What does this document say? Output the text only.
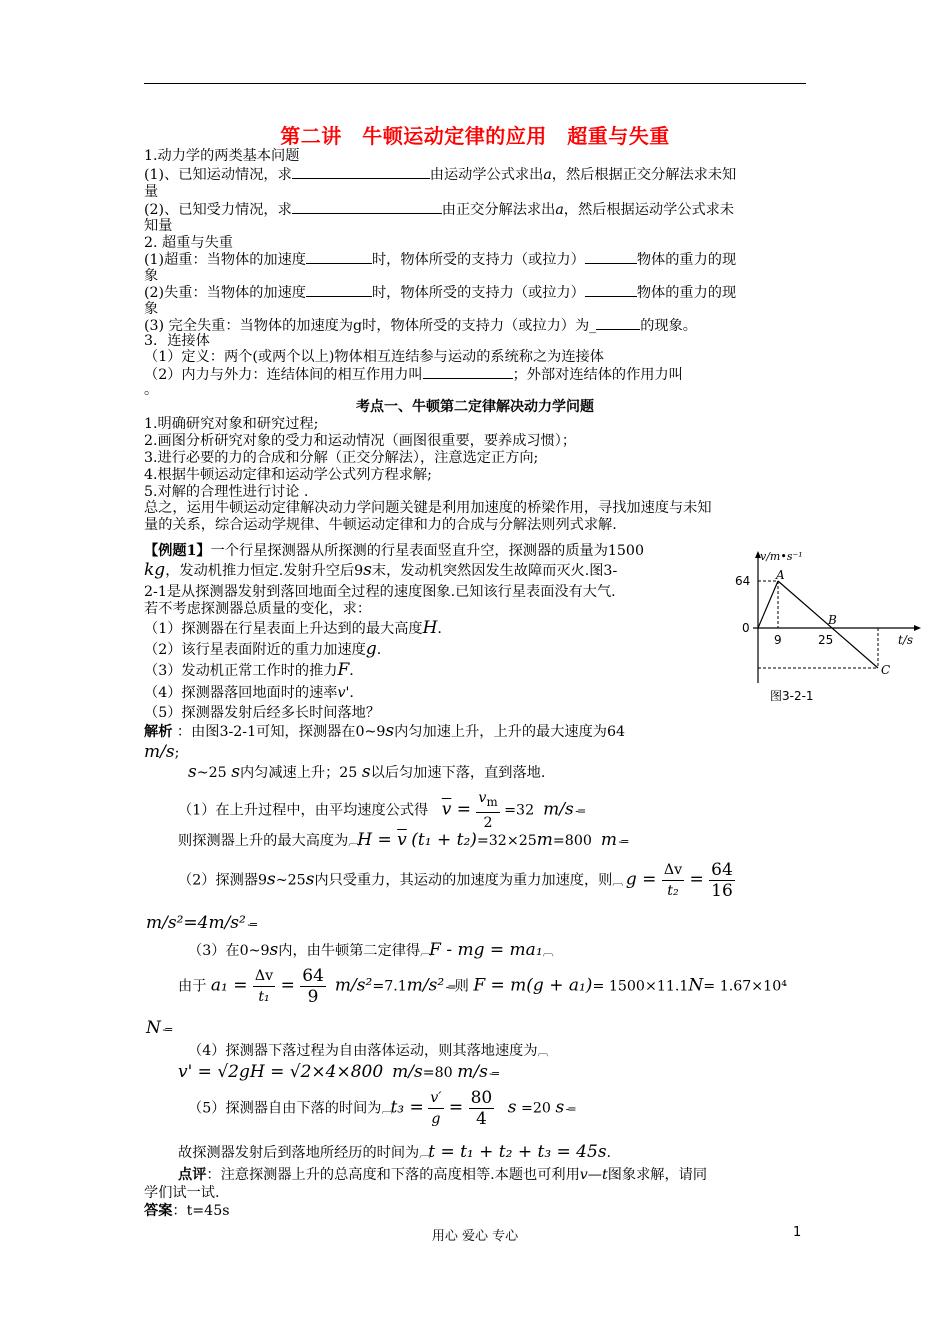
第二讲　牛顿运动定律的应用　超重与失重
1.动力学的两类基本问题
(1)、已知运动情况，求	由运动学公式求出a，然后根据正交分解法求未知
量
(2)、已知受力情况，求	由正交分解法求出a，然后根据运动学公式求未
知量
2. 超重与失重
(1)超重：当物体的加速度	时，物体所受的支持力（或拉力）	物体的重力的现
象
(2)失重：当物体的加速度	时，物体所受的支持力（或拉力）	物体的重力的现
象
(3) 完全失重：当物体的加速度为g时，物体所受的支持力（或拉力）为_	的现象。
3．连接体
（1）定义：两个(或两个以上)物体相互连结参与运动的系统称之为连接体
（2）内力与外力：连结体间的相互作用力叫	；外部对连结体的作用力叫
。
考点一、牛顿第二定律解决动力学问题
1.明确研究对象和研究过程;
2.画图分析研究对象的受力和运动情况（画图很重要，要养成习惯）；
3.进行必要的力的合成和分解（正交分解法），注意选定正方向;
4.根据牛顿运动定律和运动学公式列方程求解;
5.对解的合理性进行讨论 .
总之，运用牛顿运动定律解决动力学问题关键是利用加速度的桥梁作用，寻找加速度与未知
量的关系，综合运动学规律、牛顿运动定律和力的合成与分解法则列式求解.
【例题1】一个行星探测器从所探测的行星表面竖直升空，探测器的质量为1500
kg，发动机推力恒定.发射升空后9s末，发动机突然因发生故障而灭火.图3-
2-1是从探测器发射到落回地面全过程的速度图象.已知该行星表面没有大气.
若不考虑探测器总质量的变化，求：
（1）探测器在行星表面上升达到的最大高度H.
（2）该行星表面附近的重力加速度g.
（3）发动机正常工作时的推力F.
（4）探测器落回地面时的速率v'.
（5）探测器发射后经多长时间落地？
v/m•s⁻¹
t/s
64
0
9	25
A
B
C
图3-2-1
解析 ：由图3-2-1可知，探测器在0~9s内匀加速上升，上升的最大速度为64
m/s;
s~25 s内匀减速上升；25 s以后匀加速下落，直到落地.
（1）在上升过程中，由平均速度公式得 $\overline{v} = \frac{v_m}{2} =32$ m/s -=
则探测器上升的最大高度为︹H = $\overline{v}$ (t₁ + t₂)=32×25m=800 m -=
（2）探测器9s~25s内只受重力，其运动的加速度为重力加速度，则︹ $g = \frac{\Delta v}{\text{t₂}} = \frac{64}{16}$
m/s²=4m/s² -=
（3）在0~9s内，由牛顿第二定律得︹F - mg = ma₁︹
由于 $a_1 = \frac{\Delta v}{\text{t₁}} = \frac{64}{9} m/s^2=7.1m/s^2$ -=则 F = m(g + a₁)= 1500×11.1N= 1.67×10⁴
N -=
（4）探测器下落过程为自由落体运动，则其落地速度为︹
v' = √2gH = √2×4×800 m/s=80 m/s -=
（5）探测器自由下落的时间为︹t₃ = $\frac{v'}{g} = \frac{80}{4}$ s =20 s -=
故探测器发射后到落地所经历的时间为︹t = t₁ + t₂ + t₃ = 45s.
点评：注意探测器上升的总高度和下落的高度相等.本题也可利用v—t图象求解，请同
学们试一试.
答案：t=45s
用心 爱心 专心	1
